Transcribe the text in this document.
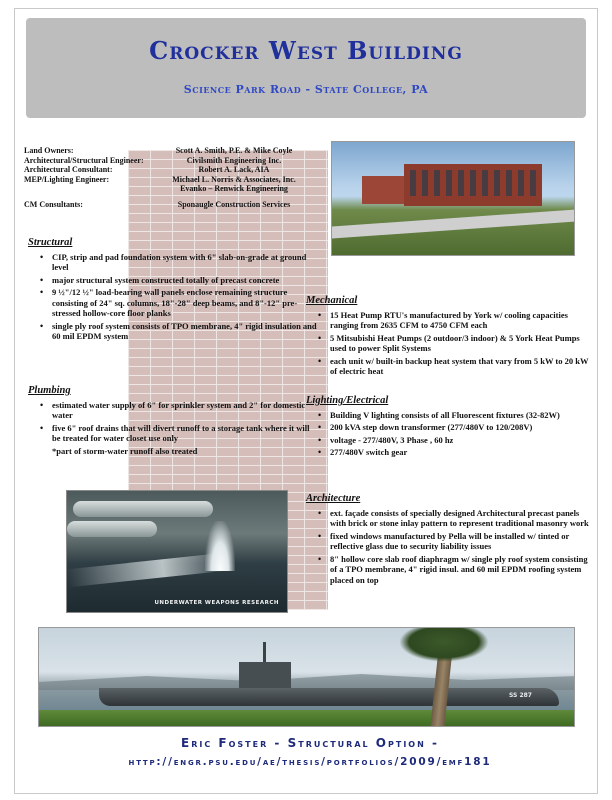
Crocker West Building
Science Park Road - State College, PA
Land Owners:	Scott A. Smith, P.E. & Mike Coyle
Architectural/Structural Engineer:	Civilsmith Engineering Inc.
Architectural Consultant:	Robert A. Lack, AIA
MEP/Lighting Engineer:	Michael L. Norris & Associates, Inc.
Evanko – Renwick Engineering
CM Consultants:	Sponaugle Construction Services
Structural
• CIP, strip and pad foundation system with 6" slab-on-grade at ground level
• major structural system constructed totally of precast concrete
• 9 ½"/12 ½" load-bearing wall panels enclose remaining structure consisting of 24" sq. columns, 18"-28" deep beams, and 8"-12" pre-stressed hollow-core floor planks
• single ply roof system consists of TPO membrane, 4" rigid insulation and 60 mil EPDM system
Plumbing
• estimated water supply of 6" for sprinkler system and 2" for domestic water
• five 6" roof drains that will divert runoff to a storage tank where it will be treated for water closet use only
*part of storm-water runoff also treated
Mechanical
• 15 Heat Pump RTU's manufactured by York w/ cooling capacities ranging from 2635 CFM to 4750 CFM each
• 5 Mitsubishi Heat Pumps (2 outdoor/3 indoor) & 5 York Heat Pumps used to power Split Systems
• each unit w/ built-in backup heat system that vary from 5 kW to 20 kW of electric heat
Lighting/Electrical
• Building V lighting consists of all Fluorescent fixtures (32-82W)
• 200 kVA step down transformer (277/480V to 120/208V)
• voltage - 277/480V, 3 Phase , 60 hz
• 277/480V switch gear
Architecture
• ext. façade consists of specially designed Architectural precast panels with brick or stone inlay pattern to represent traditional masonry work
• fixed windows manufactured by Pella will be installed w/ tinted or reflective glass due to security liability issues
• 8" hollow core slab roof diaphragm w/ single ply roof system consisting of a TPO membrane, 4" rigid insul. and 60 mil EPDM roofing system placed on top
UNDERWATER WEAPONS RESEARCH
SS 287
Eric Foster - Structural Option -
http://engr.psu.edu/ae/thesis/portfolios/2009/emf181
